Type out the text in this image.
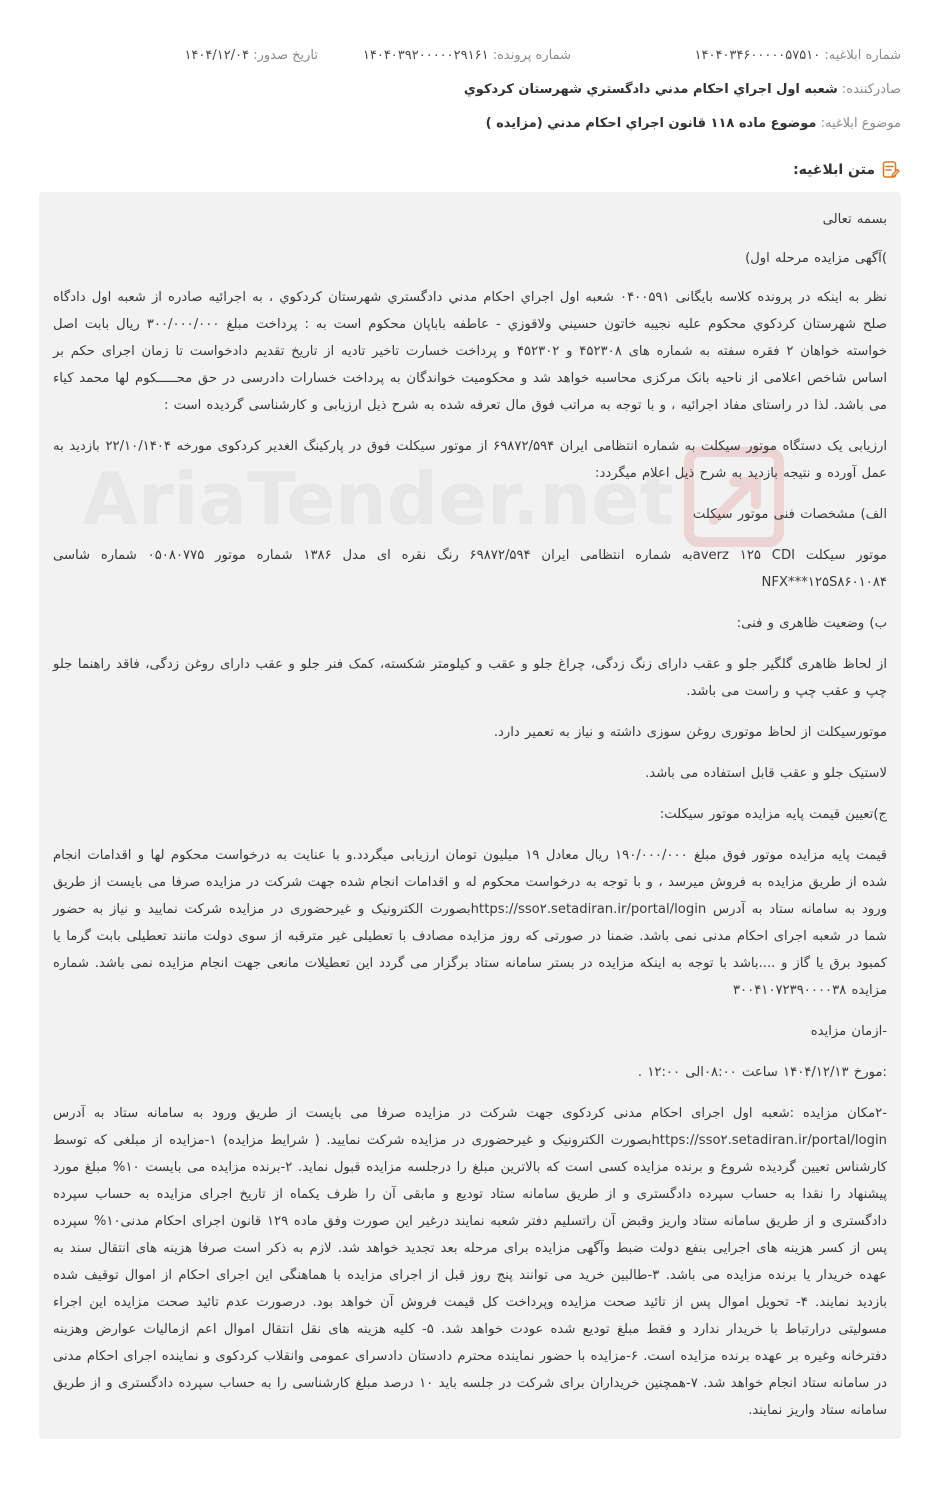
شماره ابلاغيه: ۱۴۰۴۰۳۴۶۰۰۰۰۰۵۷۵۱۰
شماره پرونده: ۱۴۰۴۰۳۹۲۰۰۰۰۰۲۹۱۶۱
تاريخ صدور: ۱۴۰۴/۱۲/۰۴
صادرکننده: شعبه اول اجراي احکام مدني دادگستري شهرستان کردکوي
موضوع ابلاغيه: موضوع ماده ۱۱۸ قانون اجراي احکام مدني (مزايده )
متن ابلاغيه:
AriaTender.net

بسمه تعالی

)آگهی مزایده مرحله اول)

نظر به اینکه در پرونده کلاسه بایگانی ۰۴۰۰۵۹۱ شعبه اول اجراي احکام مدني دادگستري شهرستان کردکوي ، به اجرائیه صادره از شعبه اول دادگاه صلح شهرستان کردکوي محکوم علیه نجیبه خاتون حسيني ولاقوزي - عاطفه باباپان محکوم است به : پرداخت مبلغ ۳۰۰/۰۰۰/۰۰۰ ریال بابت اصل خواسته خواهان ۲ فقره سفته به شماره های ۴۵۲۳۰۸ و ۴۵۲۳۰۲ و پرداخت خسارت تاخیر تادیه از تاریخ تقدیم دادخواست تا زمان اجرای حکم بر اساس شاخص اعلامی از ناحیه بانک مرکزی محاسبه خواهد شد و محکومیت خواندگان به پرداخت خسارات دادرسی در حق محـــــکوم لها محمد کیاء می باشد. لذا در راستای مفاد اجرائیه ، و با توجه به مراتب فوق مال تعرفه شده به شرح ذیل ارزیابی و کارشناسی گردیده است :

ارزیابی یک دستگاه موتور سیکلت به شماره انتظامی ایران ۶۹۸۷۲/۵۹۴ از موتور سیکلت فوق در پارکینگ الغدیر کردکوی مورخه ۲۲/۱۰/۱۴۰۴ بازدید به عمل آورده و نتیجه بازدید به شرح ذیل اعلام میگردد:

الف) مشخصات فنی موتور سیکلت

موتور سیکلت averz ۱۲۵ CDIبه شماره انتظامی ایران ۶۹۸۷۲/۵۹۴ رنگ نقره ای مدل ۱۳۸۶ شماره موتور ۰۵۰۸۰۷۷۵ شماره شاسی NFX***۱۲۵S۸۶۰۱۰۸۴

ب) وضعیت ظاهری و فنی:

از لحاظ ظاهری گلگیر جلو و عقب دارای زنگ زدگی، چراغ جلو و عقب و کیلومتر شکسته، کمک فنر جلو و عقب دارای روغن زدگی، فاقد راهنما جلو چپ و عقب چپ و راست می باشد.

موتورسیکلت از لحاظ موتوری روغن سوزی داشته و نیاز به تعمیر دارد.

لاستیک جلو و عقب قابل استفاده می باشد.

ج)تعیین قیمت پایه مزایده موتور سیکلت:

قیمت پایه مزایده موتور فوق مبلغ ۱۹۰/۰۰۰/۰۰۰ ریال معادل ۱۹ میلیون تومان ارزیابی میگردد.و با عنایت به درخواست محکوم لها و اقدامات انجام شده از طریق مزایده به فروش میرسد ، و با توجه به درخواست محکوم له و اقدامات انجام شده جهت شرکت در مزایده صرفا می بایست از طریق ورود به سامانه ستاد به آدرس https://sso۲.setadiran.ir/portal/loginبصورت الکترونیک و غیرحضوری در مزایده شرکت نمایید و نیاز به حضور شما در شعبه اجرای احکام مدنی نمی باشد. ضمنا در صورتی که روز مزایده مصادف با تعطیلی غیر مترقبه از سوی دولت مانند تعطیلی بابت گرما یا کمبود برق یا گاز و ....باشد با توجه به اینکه مزایده در بستر سامانه ستاد برگزار می گردد این تعطیلات مانعی جهت انجام مزایده نمی باشد. شماره مزایده ۳۰۰۴۱۰۷۲۳۹۰۰۰۰۳۸

-ازمان مزایده

:مورخ ۱۴۰۴/۱۲/۱۳ ساعت ۰۸:۰۰الی ۱۲:۰۰ .

-۲مکان مزایده :شعبه اول اجرای احکام مدنی کردکوی جهت شرکت در مزایده صرفا می بایست از طریق ورود به سامانه ستاد به آدرس https://sso۲.setadiran.ir/portal/loginبصورت الکترونیک و غیرحضوری در مزایده شرکت نمایید. ( شرایط مزایده) ۱-مزایده از مبلغی که توسط کارشناس تعیین گردیده شروع و برنده مزایده کسی است که بالاترین مبلغ را درجلسه مزایده قبول نماید. ۲-برنده مزایده می بایست ۱۰% مبلغ مورد پیشنهاد را نقدا به حساب سپرده دادگستری و از طریق سامانه ستاد تودیع و مابقی آن را ظرف یکماه از تاریخ اجرای مزایده به حساب سپرده دادگستری و از طریق سامانه ستاد واریز وقبض آن راتسلیم دفتر شعبه نمایند درغیر این صورت وفق ماده ۱۲۹ قانون اجرای احکام مدنی۱۰% سپرده پس از کسر هزینه های اجرایی بنفع دولت ضبط وآگهی مزایده برای مرحله بعد تجدید خواهد شد. لازم به ذکر است صرفا هزینه های انتقال سند به عهده خریدار یا برنده مزایده می باشد. ۳-طالبین خرید می توانند پنج روز قبل از اجرای مزایده با هماهنگی این اجرای احکام از اموال توقیف شده بازدید نمایند. ۴- تحویل اموال پس از تائید صحت مزایده وپرداخت کل قیمت فروش آن خواهد بود. درصورت عدم تائید صحت مزایده این اجراء مسولیتی درارتباط با خریدار ندارد و فقط مبلغ تودیع شده عودت خواهد شد. ۵- کلیه هزینه های نقل انتقال اموال اعم ازمالیات عوارض وهزینه دفترخانه وغیره بر عهده برنده مزایده است. ۶-مزایده با حضور نماینده محترم دادستان دادسرای عمومی وانقلاب کردکوی و نماینده اجرای احکام مدنی در سامانه ستاد انجام خواهد شد. ۷-همچنین خریداران برای شرکت در جلسه باید ۱۰ درصد مبلغ کارشناسی را به حساب سپرده دادگستری و از طریق سامانه ستاد واریز نمایند.
